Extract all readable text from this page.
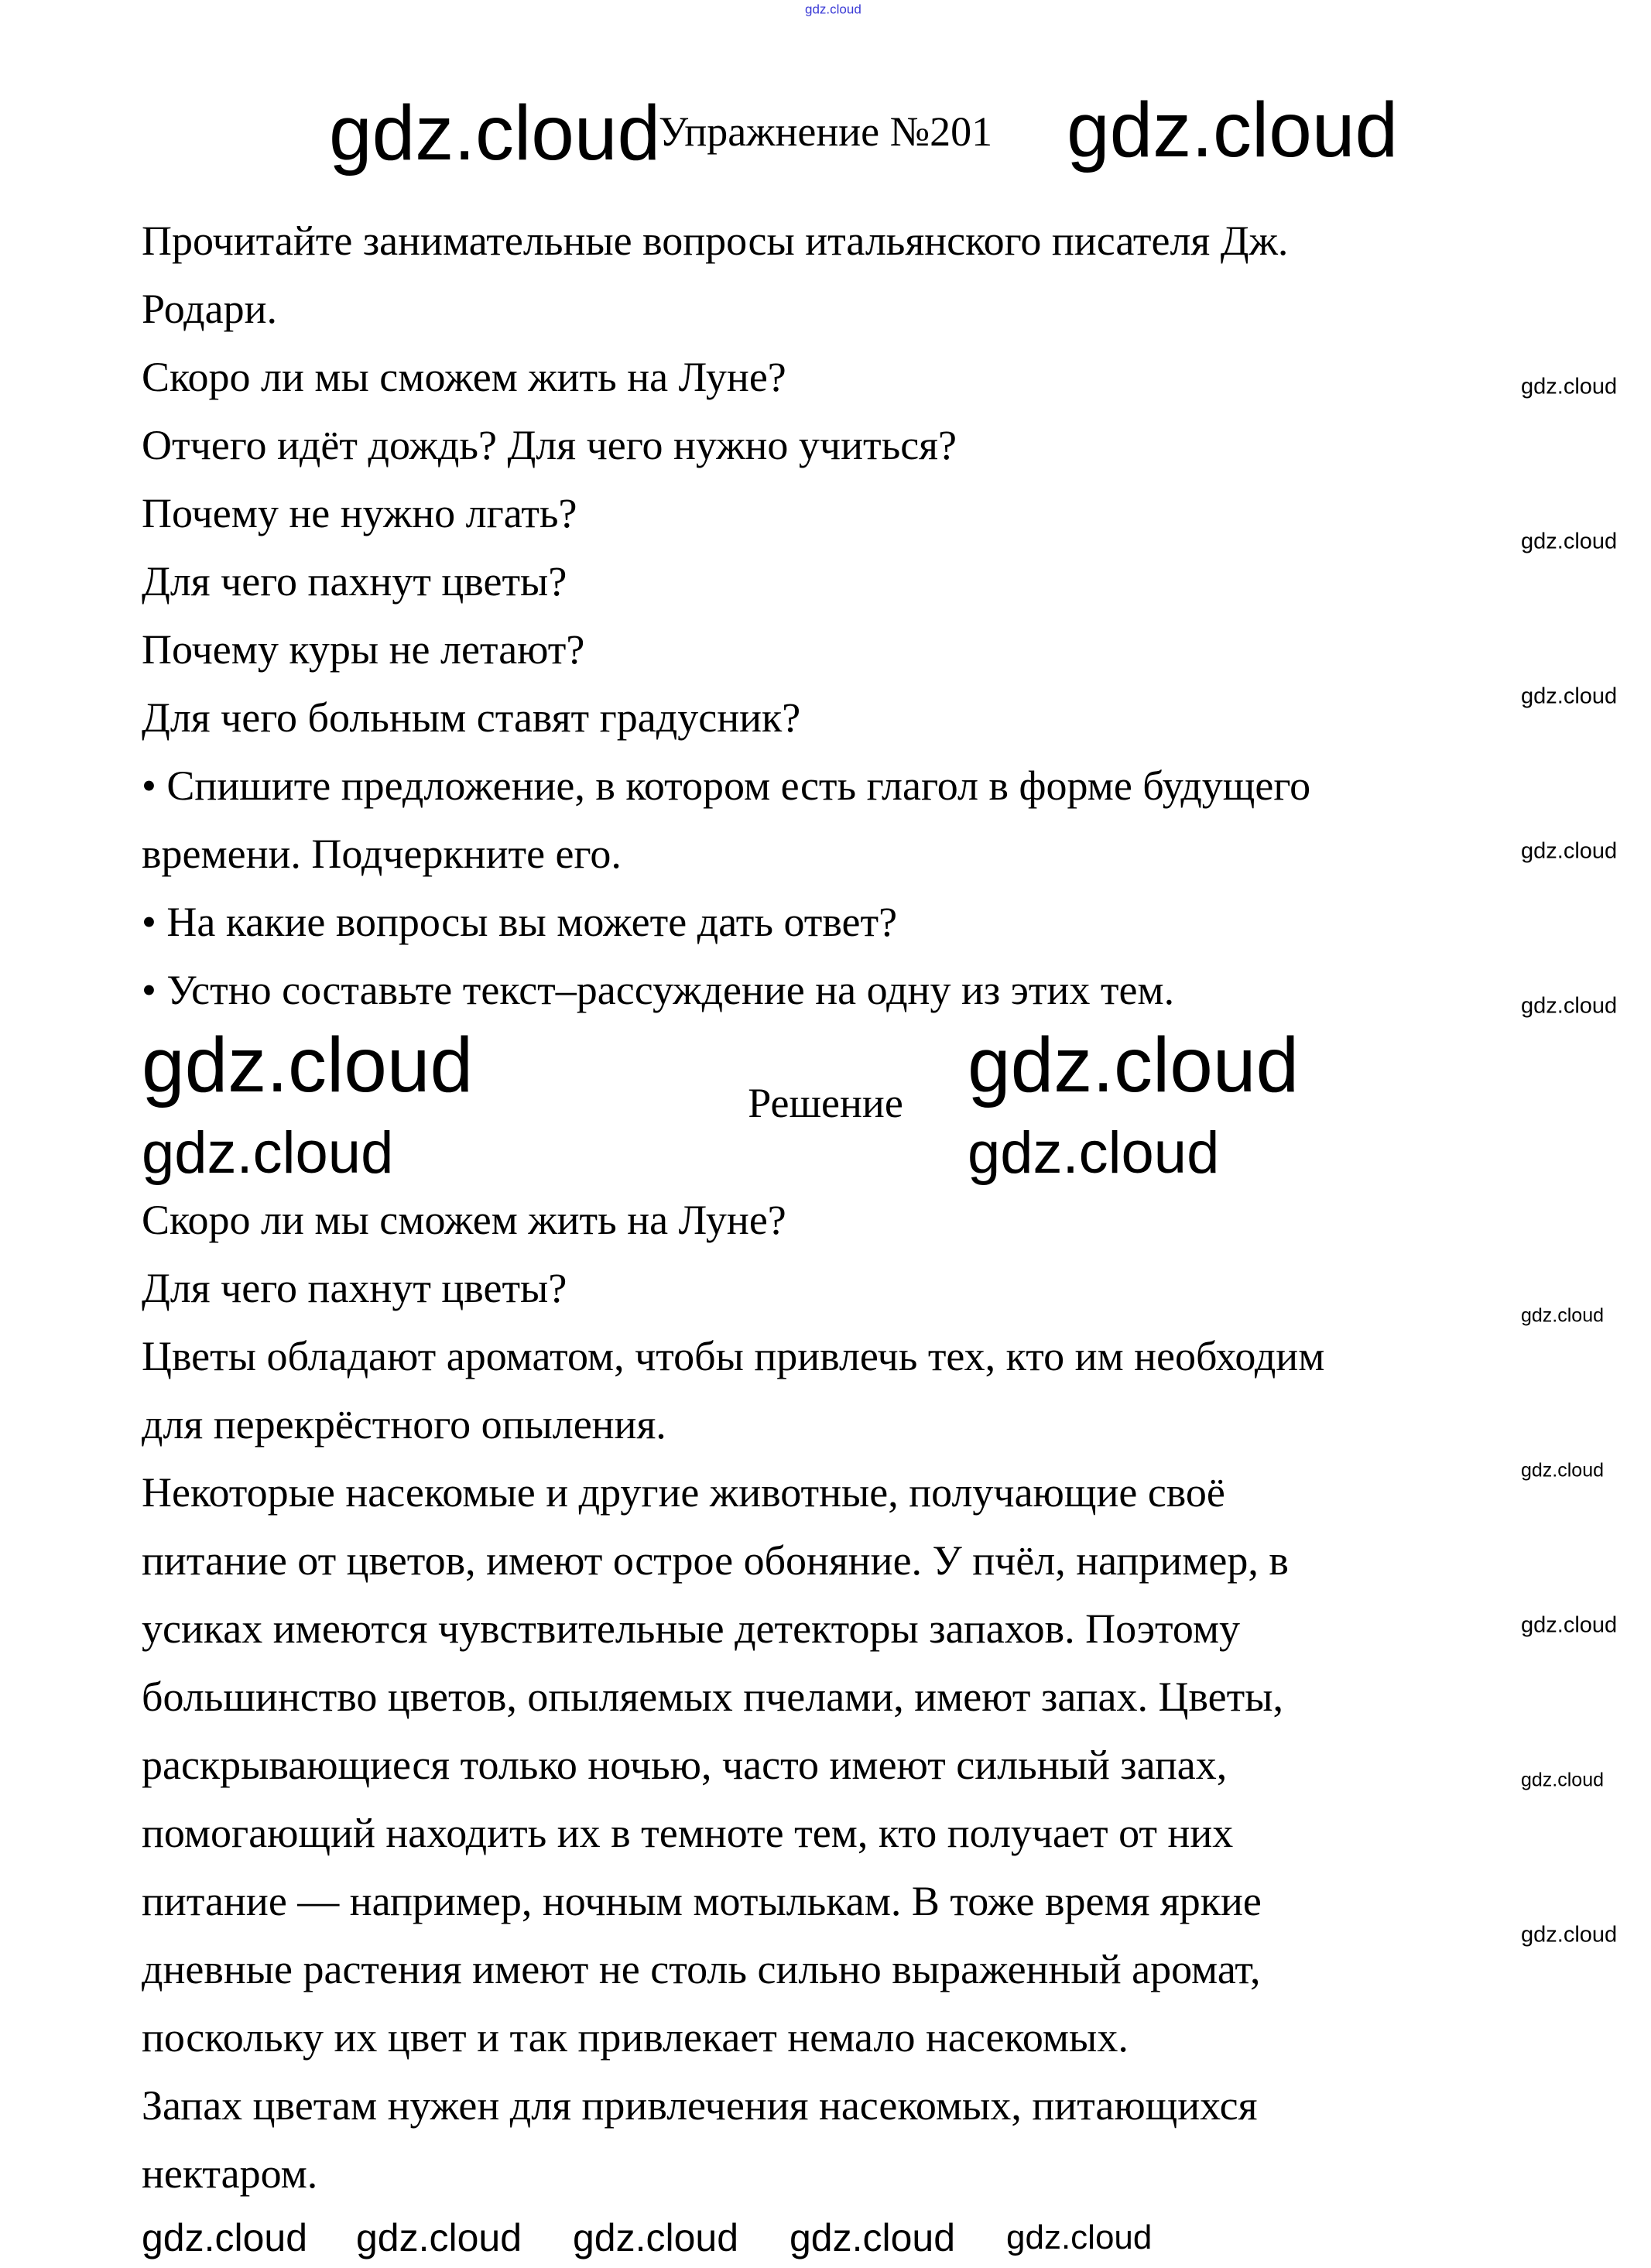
Упражнение №201
Прочитайте занимательные вопросы итальянского писателя Дж.
Родари.
Скоро ли мы сможем жить на Луне?
Отчего идёт дождь? Для чего нужно учиться?
Почему не нужно лгать?
Для чего пахнут цветы?
Почему куры не летают?
Для чего больным ставят градусник?
• Спишите предложение, в котором есть глагол в форме будущего
времени. Подчеркните его.
• На какие вопросы вы можете дать ответ?
• Устно составьте текст–рассуждение на одну из этих тем.
Решение
Скоро ли мы сможем жить на Луне?
Для чего пахнут цветы?
Цветы обладают ароматом, чтобы привлечь тех, кто им необходим
для перекрёстного опыления.
Некоторые насекомые и другие животные, получающие своё
питание от цветов, имеют острое обоняние. У пчёл, например, в
усиках имеются чувствительные детекторы запахов. Поэтому
большинство цветов, опыляемых пчелами, имеют запах. Цветы,
раскрывающиеся только ночью, часто имеют сильный запах,
помогающий находить их в темноте тем, кто получает от них
питание — например, ночным мотылькам. В тоже время яркие
дневные растения имеют не столь сильно выраженный аромат,
поскольку их цвет и так привлекает немало насекомых.
Запах цветам нужен для привлечения насекомых, питающихся
нектаром.
gdz.cloud
gdz.cloud	gdz.cloud
gdz.cloud
gdz.cloud
gdz.cloud
gdz.cloud
gdz.cloud
gdz.cloud
gdz.cloud
gdz.cloud
gdz.cloud
gdz.cloud
gdz.cloud	gdz.cloud
gdz.cloud	gdz.cloud
gdz.cloud gdz.cloud gdz.cloud gdz.cloud gdz.cloud
